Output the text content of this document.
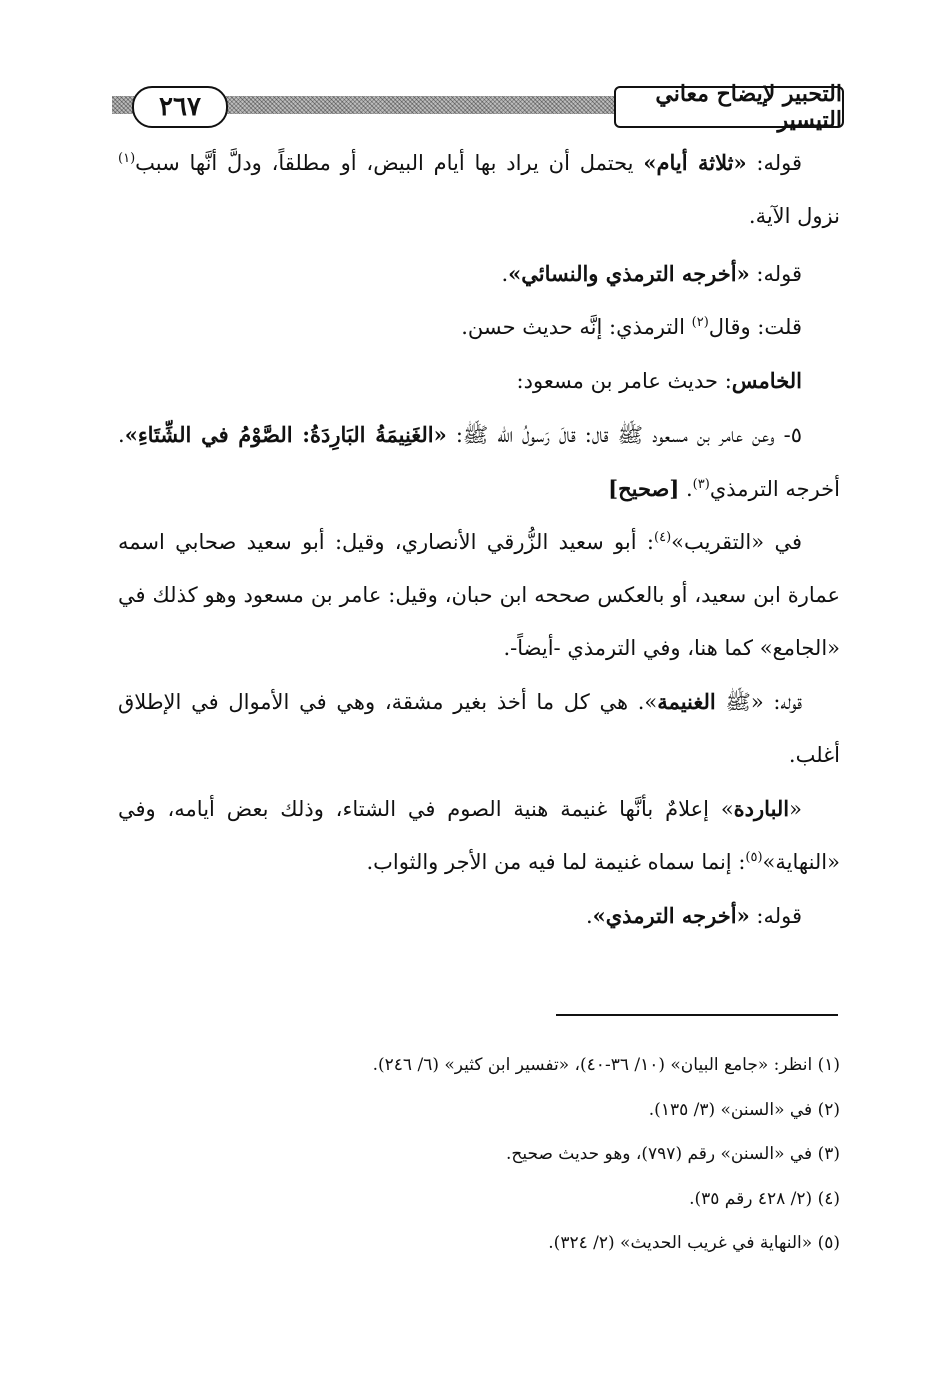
٢٦٧	التحبير لإيضاح معاني التيسير

قوله: «ثلاثة أيام» يحتمل أن يراد بها أيام البيض، أو مطلقاً، ودلَّ أنَّها سبب$^{(١)}$ نزول الآية.

قوله: «أخرجه الترمذي والنسائي».

قلت: وقال$^{(٢)}$ الترمذي: إنَّه حديث حسن.

الخامس: حديث عامر بن مسعود:

٥- وعن عامر بن مسعود ﷺ قال: قالَ رَسولُ الله ﷺ: «الغَنِيمَةُ البَارِدَةُ: الصَّوْمُ في الشِّتَاءِ». أخرجه الترمذي$^{(٣)}$. [صحيح]

في «التقريب»$^{(٤)}$: أبو سعيد الزُّرقي الأنصاري، وقيل: أبو سعيد صحابي اسمه عمارة ابن سعيد، أو بالعكس صححه ابن حبان، وقيل: عامر بن مسعود وهو كذلك في «الجامع» كما هنا، وفي الترمذي -أيضاً-.

قوله: «ﷺ الغنيمة». هي كل ما أخذ بغير مشقة، وهي في الأموال في الإطلاق أغلب.

«الباردة» إعلامٌ بأنَّها غنيمة هنية الصوم في الشتاء، وذلك بعض أيامه، وفي «النهاية»$^{(٥)}$: إنما سماه غنيمة لما فيه من الأجر والثواب.

قوله: «أخرجه الترمذي».

(١) انظر: «جامع البيان» (١٠/ ٣٦-٤٠)، «تفسير ابن كثير» (٦/ ٢٤٦).

(٢) في «السنن» (٣/ ١٣٥).

(٣) في «السنن» رقم (٧٩٧)، وهو حديث صحيح.

(٤) (٢/ ٤٢٨ رقم ٣٥).

(٥) «النهاية في غريب الحديث» (٢/ ٣٢٤).
